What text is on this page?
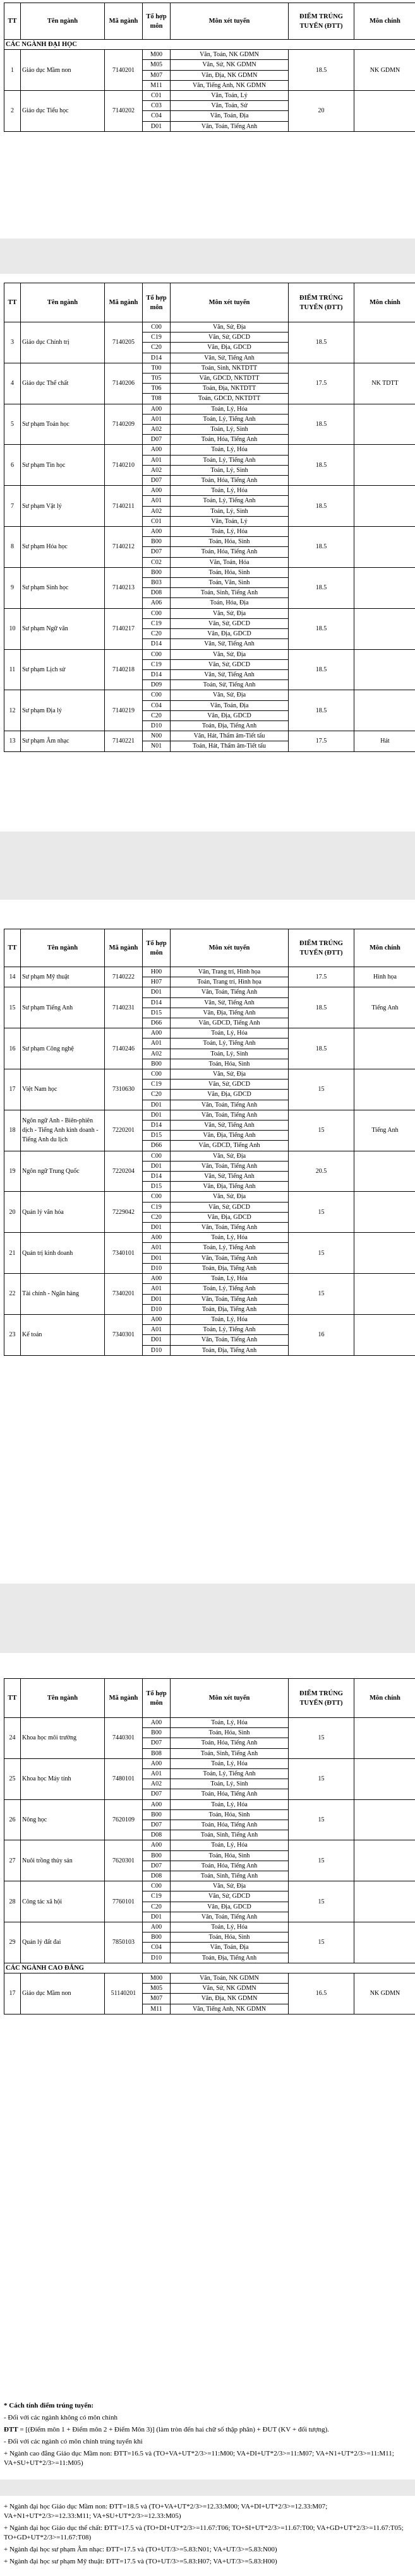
TT	Tên ngành	Mã ngành	Tổ hợp môn	Môn xét tuyển	ĐIỂM TRÚNG TUYỂN (ĐTT)	Môn chính
CÁC NGÀNH ĐẠI HỌC						
1	Giáo dục Mầm non	7140201	M00	Văn, Toán, NK GDMN	18.5	NK GDMN
			M05	Văn, Sử, NK GDMN		
			M07	Văn, Địa, NK GDMN		
			M11	Văn, Tiếng Anh, NK GDMN		
2	Giáo dục Tiểu học	7140202	C01	Văn, Toán, Lý	20	
			C03	Văn, Toán, Sử		
			C04	Văn, Toán, Địa		
			D01	Văn, Toán, Tiếng Anh		
TT	Tên ngành	Mã ngành	Tổ hợp môn	Môn xét tuyển	ĐIỂM TRÚNG TUYỂN (ĐTT)	Môn chính
3	Giáo dục Chính trị	7140205	C00	Văn, Sử, Địa	18.5	
			C19	Văn, Sử, GDCD		
			C20	Văn, Địa, GDCD		
			D14	Văn, Sử, Tiếng Anh		
4	Giáo dục Thể chất	7140206	T00	Toán, Sinh, NKTDTT	17.5	NK TDTT
			T05	Văn, GDCD, NKTDTT		
			T06	Toán, Địa, NKTDTT		
			T08	Toán, GDCD, NKTDTT		
5	Sư phạm Toán học	7140209	A00	Toán, Lý, Hóa	18.5	
			A01	Toán, Lý, Tiếng Anh		
			A02	Toán, Lý, Sinh		
			D07	Toán, Hóa, Tiếng Anh		
6	Sư phạm Tin học	7140210	A00	Toán, Lý, Hóa	18.5	
			A01	Toán, Lý, Tiếng Anh		
			A02	Toán, Lý, Sinh		
			D07	Toán, Hóa, Tiếng Anh		
7	Sư phạm Vật lý	7140211	A00	Toán, Lý, Hóa	18.5	
			A01	Toán, Lý, Tiếng Anh		
			A02	Toán, Lý, Sinh		
			C01	Văn, Toán, Lý		
8	Sư phạm Hóa học	7140212	A00	Toán, Lý, Hóa	18.5	
			B00	Toán, Hóa, Sinh		
			D07	Toán, Hóa, Tiếng Anh		
			C02	Văn, Toán, Hóa		
9	Sư phạm Sinh học	7140213	B00	Toán, Hóa, Sinh	18.5	
			B03	Toán, Văn, Sinh		
			D08	Toán, Sinh, Tiếng Anh		
			A06	Toán, Hóa, Địa		
10	Sư phạm Ngữ văn	7140217	C00	Văn, Sử, Địa	18.5	
			C19	Văn, Sử, GDCD		
			C20	Văn, Địa, GDCD		
			D14	Văn, Sử, Tiếng Anh		
11	Sư phạm Lịch sử	7140218	C00	Văn, Sử, Địa	18.5	
			C19	Văn, Sử, GDCD		
			D14	Văn, Sử, Tiếng Anh		
			D09	Toán, Sử, Tiếng Anh		
12	Sư phạm Địa lý	7140219	C00	Văn, Sử, Địa	18.5	
			C04	Văn, Toán, Địa		
			C20	Văn, Địa, GDCD		
			D10	Toán, Địa, Tiếng Anh		
13	Sư phạm Âm nhạc	7140221	N00	Văn, Hát, Thẩm âm-Tiết tấu	17.5	Hát
			N01	Toán, Hát, Thẩm âm-Tiết tấu		
TT	Tên ngành	Mã ngành	Tổ hợp môn	Môn xét tuyển	ĐIỂM TRÚNG TUYỂN (ĐTT)	Môn chính
14	Sư phạm Mỹ thuật	7140222	H00	Văn, Trang trí, Hình họa	17.5	Hình họa
			H07	Toán, Trang trí, Hình họa		
15	Sư phạm Tiếng Anh	7140231	D01	Văn, Toán, Tiếng Anh	18.5	Tiếng Anh
			D14	Văn, Sử, Tiếng Anh		
			D15	Văn, Địa, Tiếng Anh		
			D66	Văn, GDCD, Tiếng Anh		
16	Sư phạm Công nghệ	7140246	A00	Toán, Lý, Hóa	18.5	
			A01	Toán, Lý, Tiếng Anh		
			A02	Toán, Lý, Sinh		
			B00	Toán, Hóa, Sinh		
17	Việt Nam học	7310630	C00	Văn, Sử, Địa	15	
			C19	Văn, Sử, GDCD		
			C20	Văn, Địa, GDCD		
			D01	Văn, Toán, Tiếng Anh		
18	Ngôn ngữ Anh - Biên-phiên dịch - Tiếng Anh kinh doanh - Tiếng Anh du lịch	7220201	D01	Văn, Toán, Tiếng Anh	15	Tiếng Anh
			D14	Văn, Sử, Tiếng Anh		
			D15	Văn, Địa, Tiếng Anh		
			D66	Văn, GDCD, Tiếng Anh		
19	Ngôn ngữ Trung Quốc	7220204	C00	Văn, Sử, Địa	20.5	
			D01	Văn, Toán, Tiếng Anh		
			D14	Văn, Sử, Tiếng Anh		
			D15	Văn, Địa, Tiếng Anh		
20	Quản lý văn hóa	7229042	C00	Văn, Sử, Địa	15	
			C19	Văn, Sử, GDCD		
			C20	Văn, Địa, GDCD		
			D01	Văn, Toán, Tiếng Anh		
21	Quản trị kinh doanh	7340101	A00	Toán, Lý, Hóa	15	
			A01	Toán, Lý, Tiếng Anh		
			D01	Văn, Toán, Tiếng Anh		
			D10	Toán, Địa, Tiếng Anh		
22	Tài chính - Ngân hàng	7340201	A00	Toán, Lý, Hóa	15	
			A01	Toán, Lý, Tiếng Anh		
			D01	Văn, Toán, Tiếng Anh		
			D10	Toán, Địa, Tiếng Anh		
23	Kế toán	7340301	A00	Toán, Lý, Hóa	16	
			A01	Toán, Lý, Tiếng Anh		
			D01	Văn, Toán, Tiếng Anh		
			D10	Toán, Địa, Tiếng Anh		
TT	Tên ngành	Mã ngành	Tổ hợp môn	Môn xét tuyển	ĐIỂM TRÚNG TUYỂN (ĐTT)	Môn chính
24	Khoa học môi trường	7440301	A00	Toán, Lý, Hóa	15	
			B00	Toán, Hóa, Sinh		
			D07	Toán, Hóa, Tiếng Anh		
			B08	Toán, Sinh, Tiếng Anh		
25	Khoa học Máy tính	7480101	A00	Toán, Lý, Hóa	15	
			A01	Toán, Lý, Tiếng Anh		
			A02	Toán, Lý, Sinh		
			D07	Toán, Hóa, Tiếng Anh		
26	Nông học	7620109	A00	Toán, Lý, Hóa	15	
			B00	Toán, Hóa, Sinh		
			D07	Toán, Hóa, Tiếng Anh		
			D08	Toán, Sinh, Tiếng Anh		
27	Nuôi trồng thủy sản	7620301	A00	Toán, Lý, Hóa	15	
			B00	Toán, Hóa, Sinh		
			D07	Toán, Hóa, Tiếng Anh		
			D08	Toán, Sinh, Tiếng Anh		
28	Công tác xã hội	7760101	C00	Văn, Sử, Địa	15	
			C19	Văn, Sử, GDCD		
			C20	Văn, Địa, GDCD		
			D01	Văn, Toán, Tiếng Anh		
29	Quản lý đất đai	7850103	A00	Toán, Lý, Hóa	15	
			B00	Toán, Hóa, Sinh		
			C04	Văn, Toán, Địa		
			D10	Toán, Địa, Tiếng Anh		
CÁC NGÀNH CAO ĐẲNG						
17	Giáo dục Mầm non	51140201	M00	Văn, Toán, NK GDMN	16.5	NK GDMN
			M05	Văn, Sử, NK GDMN		
			M07	Văn, Địa, NK GDMN		
			M11	Văn, Tiếng Anh, NK GDMN		

* Cách tính điểm trúng tuyển:

- Đối với các ngành không có môn chính

ĐTT = [(Điểm môn 1 + Điểm môn 2 + Điểm Môn 3)] (làm tròn đến hai chữ số thập phân) + ĐUT (KV + đối tượng).

- Đối với các ngành có môn chính trúng tuyển khi

+ Ngành cao đẳng Giáo dục Mầm non: ĐTT=16.5 và (TO+VA+UT*2/3>=11:M00; VA+DI+UT*2/3>=11:M07; VA+N1+UT*2/3>=11:M11; VA+SU+UT*2/3>=11:M05)

+ Ngành đại học Giáo dục Mầm non: ĐTT=18.5 và (TO+VA+UT*2/3>=12.33:M00; VA+DI+UT*2/3>=12.33:M07; VA+N1+UT*2/3>=12.33:M11; VA+SU+UT*2/3>=12.33:M05)

+ Ngành đại học Giáo dục thể chất: ĐTT=17.5 và (TO+DI+UT*2/3>=11.67:T06; TO+SI+UT*2/3>=11.67:T00; VA+GD+UT*2/3>=11.67:T05; TO+GD+UT*2/3>=11.67:T08)

+ Ngành đại học sư phạm Âm nhạc: ĐTT=17.5 và (TO+UT/3>=5.83:N01; VA+UT/3>=5.83:N00)

+ Ngành đại học sư phạm Mỹ thuật: ĐTT=17.5 và (TO+UT/3>=5.83:H07; VA+UT/3>=5.83:H00)
